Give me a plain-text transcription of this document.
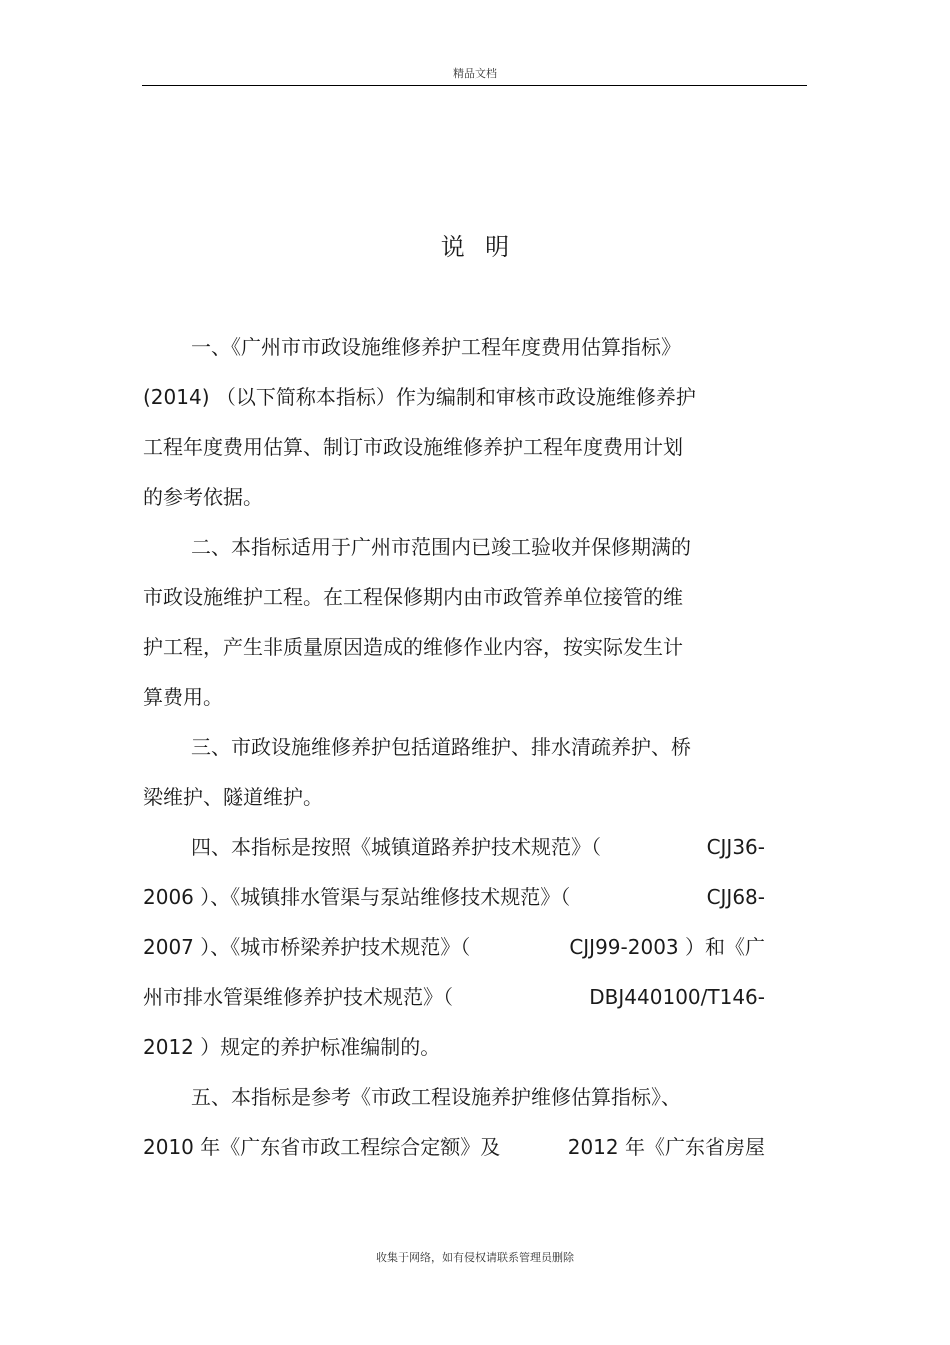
精品文档
说明
一、《广州市市政设施维修养护工程年度费用估算指标》
(2014) （以下简称本指标）作为编制和审核市政设施维修养护
工程年度费用估算、制订市政设施维修养护工程年度费用计划
的参考依据。
二、本指标适用于广州市范围内已竣工验收并保修期满的
市政设施维护工程。在工程保修期内由市政管养单位接管的维
护工程，产生非质量原因造成的维修作业内容，按实际发生计
算费用。
三、市政设施维修养护包括道路维护、排水清疏养护、桥
梁维护、隧道维护。
四、本指标是按照《城镇道路养护技术规范》（	CJJ36-
2006 ）、《城镇排水管渠与泵站维修技术规范》（	CJJ68-
2007 ）、《城市桥梁养护技术规范》（	CJJ99-2003 ）和《广
州市排水管渠维修养护技术规范》（	DBJ440100/T146-
2012 ）规定的养护标准编制的。
五、本指标是参考《市政工程设施养护维修估算指标》、
2010 年《广东省市政工程综合定额》及	2012 年《广东省房屋
收集于网络，如有侵权请联系管理员删除
